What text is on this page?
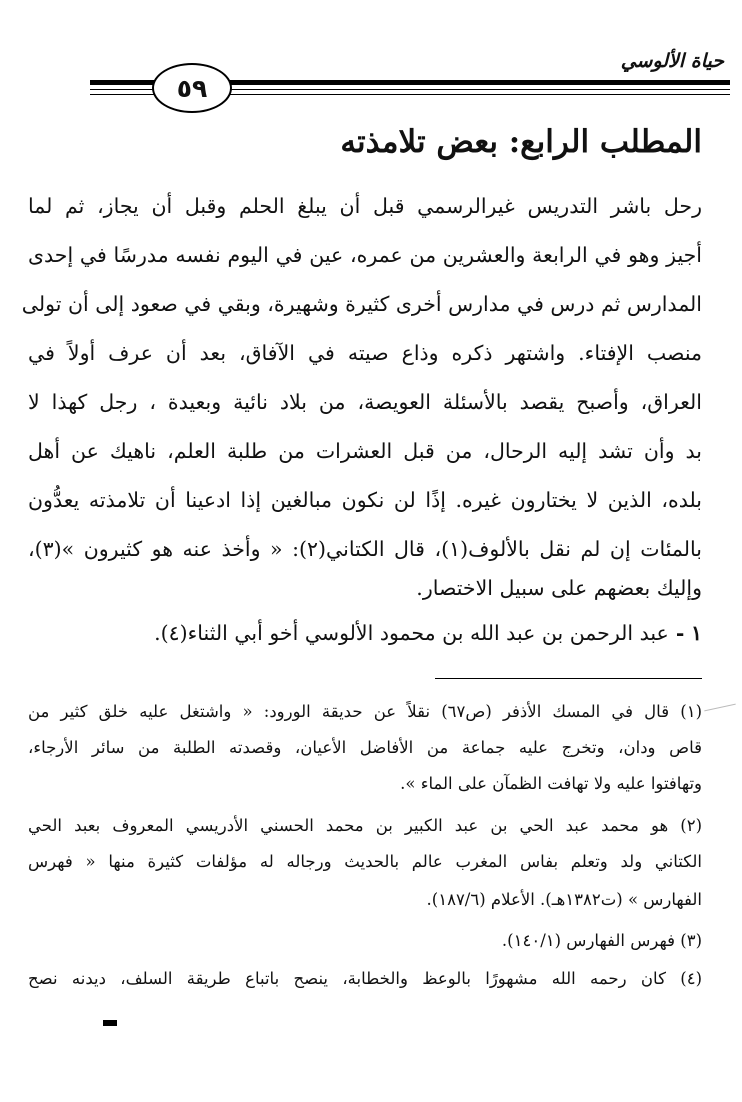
حياة الألوسي
٥٩
المطلب الرابع: بعض تلامذته
رحل باشر التدريس غيرالرسمي قبل أن يبلغ الحلم وقبل أن يجاز، ثم لما
أجيز وهو في الرابعة والعشرين من عمره، عين في اليوم نفسه مدرسًا في إحدى
المدارس ثم درس في مدارس أخرى كثيرة وشهيرة، وبقي في صعود إلى أن تولى
منصب الإفتاء. واشتهر ذكره وذاع صيته في الآفاق، بعد أن عرف أولاً في
العراق، وأصبح يقصد بالأسئلة العويصة، من بلاد نائية وبعيدة ، رجل كهذا لا
بد وأن تشد إليه الرحال، من قبل العشرات من طلبة العلم، ناهيك عن أهل
بلده، الذين لا يختارون غيره. إذًا لن نكون مبالغين إذا ادعينا أن تلامذته يعدُّون
بالمئات إن لم نقل بالألوف(١)، قال الكتاني(٢): « وأخذ عنه هو كثيرون »(٣)،
وإليك بعضهم على سبيل الاختصار.
١ - عبد الرحمن بن عبد الله بن محمود الألوسي أخو أبي الثناء(٤).
(١) قال في المسك الأذفر (ص٦٧) نقلاً عن حديقة الورود: « واشتغل عليه خلق كثير من
قاص ودان، وتخرج عليه جماعة من الأفاضل الأعيان، وقصدته الطلبة من سائر الأرجاء،
وتهافتوا عليه ولا تهافت الظمآن على الماء ».
(٢) هو محمد عبد الحي بن عبد الكبير بن محمد الحسني الأدريسي المعروف بعبد الحي
الكتاني ولد وتعلم بفاس المغرب عالم بالحديث ورجاله له مؤلفات كثيرة منها « فهرس
الفهارس » (ت١٣٨٢هـ). الأعلام (١٨٧/٦).
(٣) فهرس الفهارس (١٤٠/١).
(٤) كان رحمه الله مشهورًا بالوعظ والخطابة، ينصح باتباع طريقة السلف، ديدنه نصح
